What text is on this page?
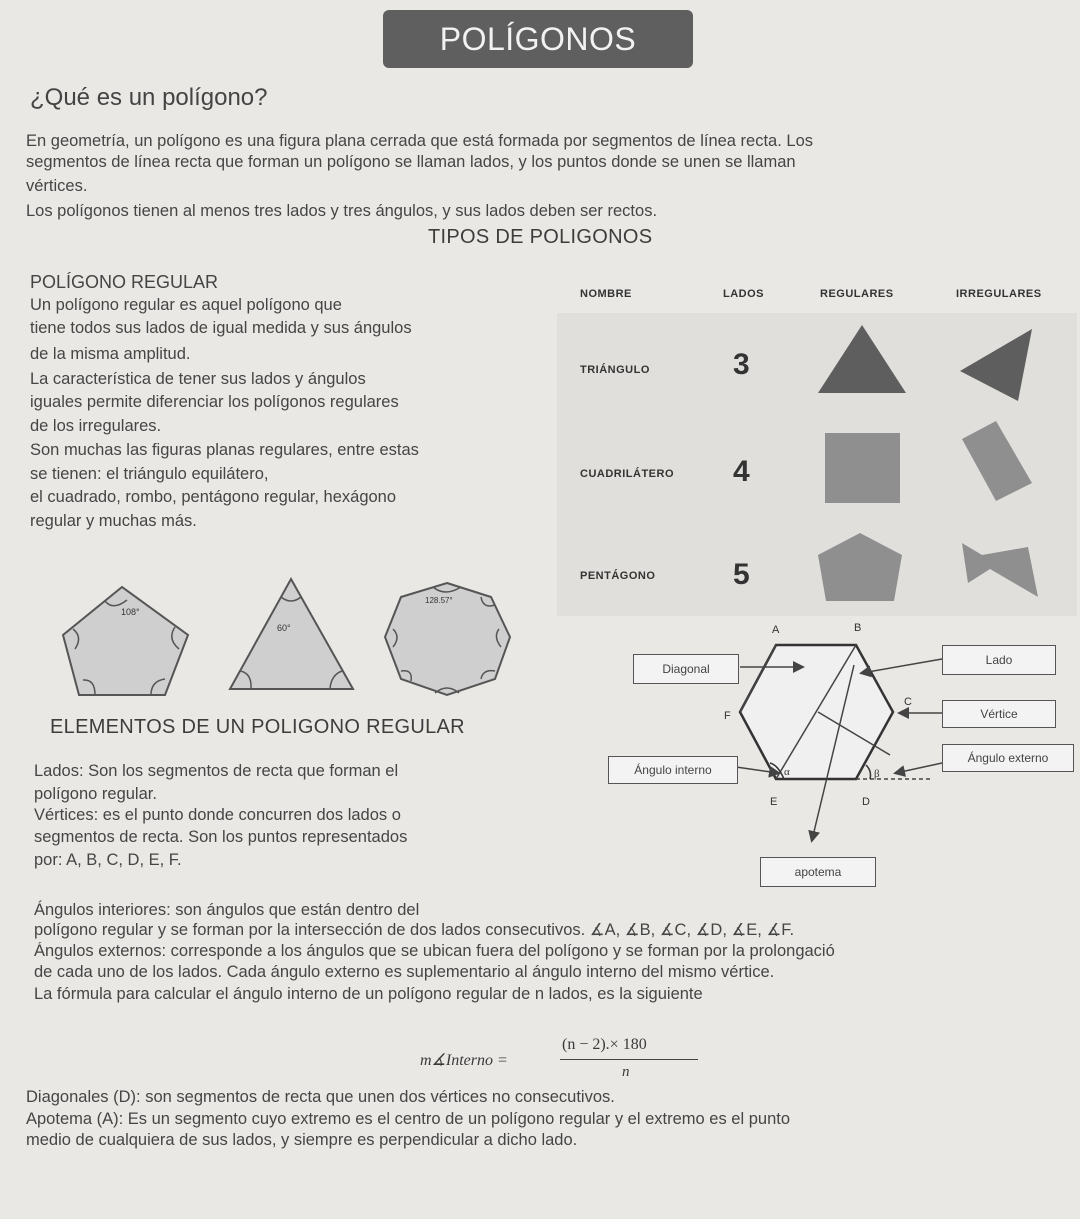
POLÍGONOS
¿Qué es un polígono?
En geometría, un polígono es una figura plana cerrada que está formada por segmentos de línea recta. Los
segmentos de línea recta que forman un polígono se llaman lados, y los puntos donde se unen se llaman
vértices.
Los polígonos tienen al menos tres lados y tres ángulos, y sus lados deben ser rectos.
TIPOS DE POLIGONOS
POLÍGONO REGULAR
Un polígono regular es aquel polígono que
tiene todos sus lados de igual medida y sus ángulos
de la misma amplitud.
La característica de tener sus lados y ángulos
iguales permite diferenciar los polígonos regulares
de los irregulares.
Son muchas las figuras planas regulares, entre estas
se tienen: el triángulo equilátero,
el cuadrado, rombo, pentágono regular, hexágono
regular y muchas más.
108°
60°
128.57°
NOMBRE	LADOS	REGULARES	IRREGULARES
TRIÁNGULO	3
CUADRILÁTERO 4
PENTÁGONO	5
A	B
C
D
E
F
α	β
Diagonal
Lado
Vértice
Ángulo externo
Ángulo interno
apotema
ELEMENTOS DE UN POLIGONO REGULAR
Lados: Son los segmentos de recta que forman el
polígono regular.
Vértices: es el punto donde concurren dos lados o
segmentos de recta. Son los puntos representados
por: A, B, C, D, E, F.
Ángulos interiores: son ángulos que están dentro del
polígono regular y se forman por la intersección de dos lados consecutivos. ∡A, ∡B, ∡C, ∡D, ∡E, ∡F.
Ángulos externos: corresponde a los ángulos que se ubican fuera del polígono y se forman por la prolongació
de cada uno de los lados. Cada ángulo externo es suplementario al ángulo interno del mismo vértice.
La fórmula para calcular el ángulo interno de un polígono regular de n lados, es la siguiente
m∡Interno =
(n − 2).× 180
n
Diagonales (D): son segmentos de recta que unen dos vértices no consecutivos.
Apotema (A): Es un segmento cuyo extremo es el centro de un polígono regular y el extremo es el punto
medio de cualquiera de sus lados, y siempre es perpendicular a dicho lado.
